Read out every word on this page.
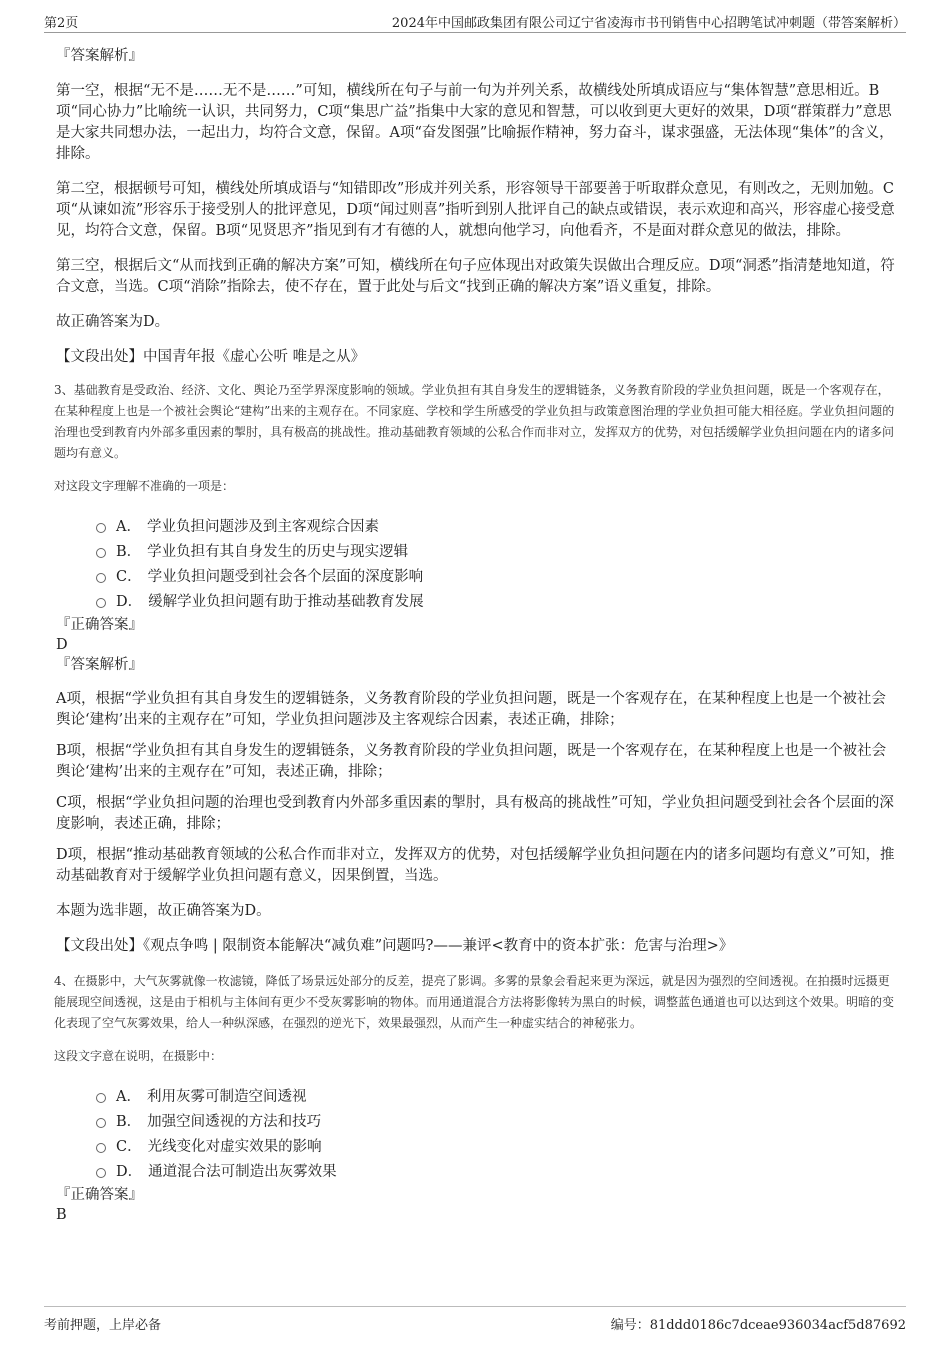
第2页	2024年中国邮政集团有限公司辽宁省凌海市书刊销售中心招聘笔试冲刺题（带答案解析）

『答案解析』

第一空，根据“无不是……无不是……”可知，横线所在句子与前一句为并列关系，故横线处所填成语应与“集体智慧”意思相近。B项“同心协力”比喻统一认识，共同努力，C项“集思广益”指集中大家的意见和智慧，可以收到更大更好的效果，D项“群策群力”意思是大家共同想办法，一起出力，均符合文意，保留。A项“奋发图强”比喻振作精神，努力奋斗，谋求强盛，无法体现“集体”的含义，排除。

第二空，根据顿号可知，横线处所填成语与“知错即改”形成并列关系，形容领导干部要善于听取群众意见，有则改之，无则加勉。C项“从谏如流”形容乐于接受别人的批评意见，D项“闻过则喜”指听到别人批评自己的缺点或错误，表示欢迎和高兴，形容虚心接受意见，均符合文意，保留。B项“见贤思齐”指见到有才有德的人，就想向他学习，向他看齐，不是面对群众意见的做法，排除。

第三空，根据后文“从而找到正确的解决方案”可知，横线所在句子应体现出对政策失误做出合理反应。D项“洞悉”指清楚地知道，符合文意，当选。C项“消除”指除去，使不存在，置于此处与后文“找到正确的解决方案”语义重复，排除。

故正确答案为D。

【文段出处】中国青年报《虚心公听 唯是之从》

3、基础教育是受政治、经济、文化、舆论乃至学界深度影响的领域。学业负担有其自身发生的逻辑链条，义务教育阶段的学业负担问题，既是一个客观存在，在某种程度上也是一个被社会舆论“建构”出来的主观存在。不同家庭、学校和学生所感受的学业负担与政策意图治理的学业负担可能大相径庭。学业负担问题的治理也受到教育内外部多重因素的掣肘，具有极高的挑战性。推动基础教育领域的公私合作而非对立，发挥双方的优势，对包括缓解学业负担问题在内的诸多问题均有意义。

对这段文字理解不准确的一项是：

A． 学业负担问题涉及到主客观综合因素
B． 学业负担有其自身发生的历史与现实逻辑
C． 学业负担问题受到社会各个层面的深度影响
D． 缓解学业负担问题有助于推动基础教育发展

『正确答案』

D

『答案解析』

A项，根据“学业负担有其自身发生的逻辑链条，义务教育阶段的学业负担问题，既是一个客观存在，在某种程度上也是一个被社会舆论‘建构’出来的主观存在”可知，学业负担问题涉及主客观综合因素，表述正确，排除；

B项，根据“学业负担有其自身发生的逻辑链条，义务教育阶段的学业负担问题，既是一个客观存在，在某种程度上也是一个被社会舆论‘建构’出来的主观存在”可知，表述正确，排除；

C项，根据“学业负担问题的治理也受到教育内外部多重因素的掣肘，具有极高的挑战性”可知，学业负担问题受到社会各个层面的深度影响，表述正确，排除；

D项，根据“推动基础教育领域的公私合作而非对立，发挥双方的优势，对包括缓解学业负担问题在内的诸多问题均有意义”可知，推动基础教育对于缓解学业负担问题有意义，因果倒置，当选。

本题为选非题，故正确答案为D。

【文段出处】《观点争鸣 | 限制资本能解决“减负难”问题吗?——兼评<教育中的资本扩张：危害与治理>》

4、在摄影中，大气灰雾就像一枚滤镜，降低了场景远处部分的反差，提亮了影调。多雾的景象会看起来更为深远，就是因为强烈的空间透视。在拍摄时远摄更能展现空间透视，这是由于相机与主体间有更少不受灰雾影响的物体。而用通道混合方法将影像转为黑白的时候，调整蓝色通道也可以达到这个效果。明暗的变化表现了空气灰雾效果，给人一种纵深感，在强烈的逆光下，效果最强烈，从而产生一种虚实结合的神秘张力。

这段文字意在说明，在摄影中：

A． 利用灰雾可制造空间透视
B． 加强空间透视的方法和技巧
C． 光线变化对虚实效果的影响
D． 通道混合法可制造出灰雾效果

『正确答案』

B

考前押题，上岸必备	编号：81ddd0186c7dceae936034acf5d87692
